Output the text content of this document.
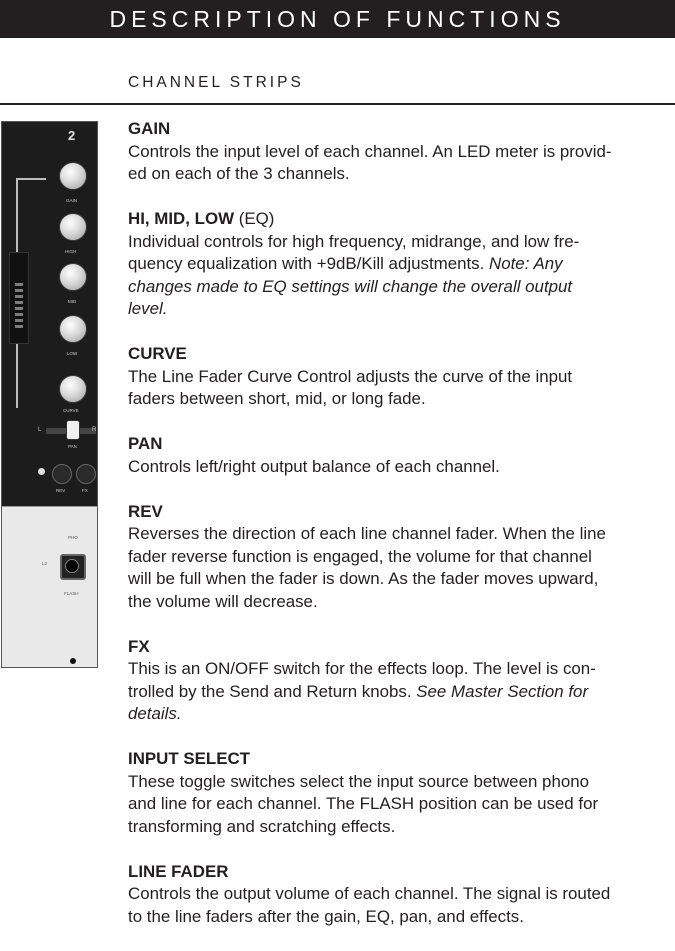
DESCRIPTION OF FUNCTIONS
CHANNEL STRIPS
2
GAIN
HIGH
MID
LOW
CURVE
L	R
PAN
REV	FX
PHO
L2
FLASH
GAIN
Controls the input level of each channel. An LED meter is provid-
ed on each of the 3 channels.
HI, MID, LOW (EQ)
Individual controls for high frequency, midrange, and low fre-
quency equalization with +9dB/Kill adjustments. Note: Any
changes made to EQ settings will change the overall output
level.
CURVE
The Line Fader Curve Control adjusts the curve of the input
faders between short, mid, or long fade.
PAN
Controls left/right output balance of each channel.
REV
Reverses the direction of each line channel fader. When the line
fader reverse function is engaged, the volume for that channel
will be full when the fader is down. As the fader moves upward,
the volume will decrease.
FX
This is an ON/OFF switch for the effects loop. The level is con-
trolled by the Send and Return knobs. See Master Section for
details.
INPUT SELECT
These toggle switches select the input source between phono
and line for each channel. The FLASH position can be used for
transforming and scratching effects.
LINE FADER
Controls the output volume of each channel. The signal is routed
to the line faders after the gain, EQ, pan, and effects.
